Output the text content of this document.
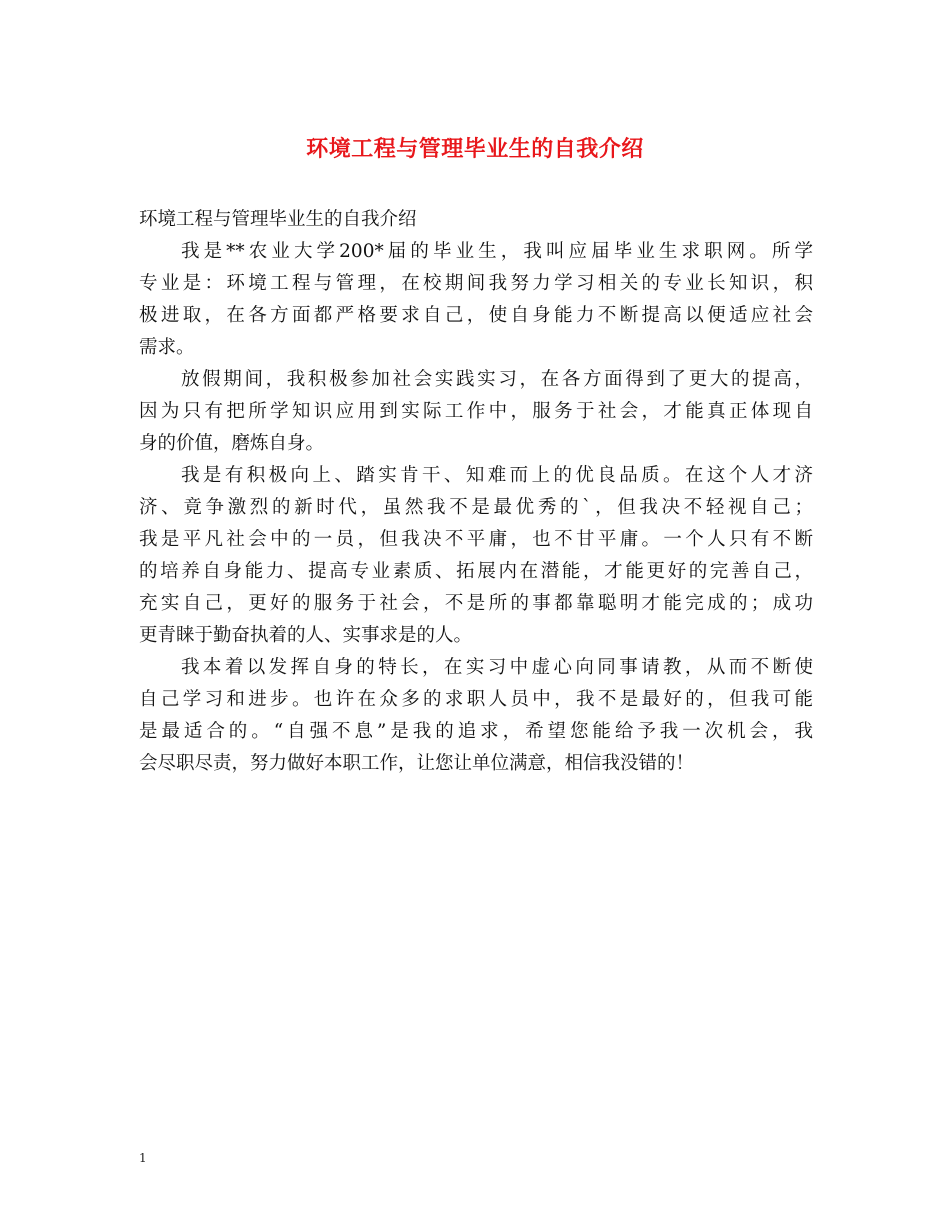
环境工程与管理毕业生的自我介绍

环境工程与管理毕业生的自我介绍

我是**农业大学200*届的毕业生，我叫应届毕业生求职网。所学
专业是：环境工程与管理，在校期间我努力学习相关的专业长知识，积
极进取，在各方面都严格要求自己，使自身能力不断提高以便适应社会
需求。

放假期间，我积极参加社会实践实习，在各方面得到了更大的提高，
因为只有把所学知识应用到实际工作中，服务于社会，才能真正体现自
身的价值，磨炼自身。

我是有积极向上、踏实肯干、知难而上的优良品质。在这个人才济
济、竟争激烈的新时代，虽然我不是最优秀的`，但我决不轻视自己；
我是平凡社会中的一员，但我决不平庸，也不甘平庸。一个人只有不断
的培养自身能力、提高专业素质、拓展内在潜能，才能更好的完善自己，
充实自己，更好的服务于社会，不是所的事都靠聪明才能完成的；成功
更青睐于勤奋执着的人、实事求是的人。

我本着以发挥自身的特长，在实习中虚心向同事请教，从而不断使
自己学习和进步。也许在众多的求职人员中，我不是最好的，但我可能
是最适合的。“自强不息”是我的追求，希望您能给予我一次机会，我
会尽职尽责，努力做好本职工作，让您让单位满意，相信我没错的！

1
